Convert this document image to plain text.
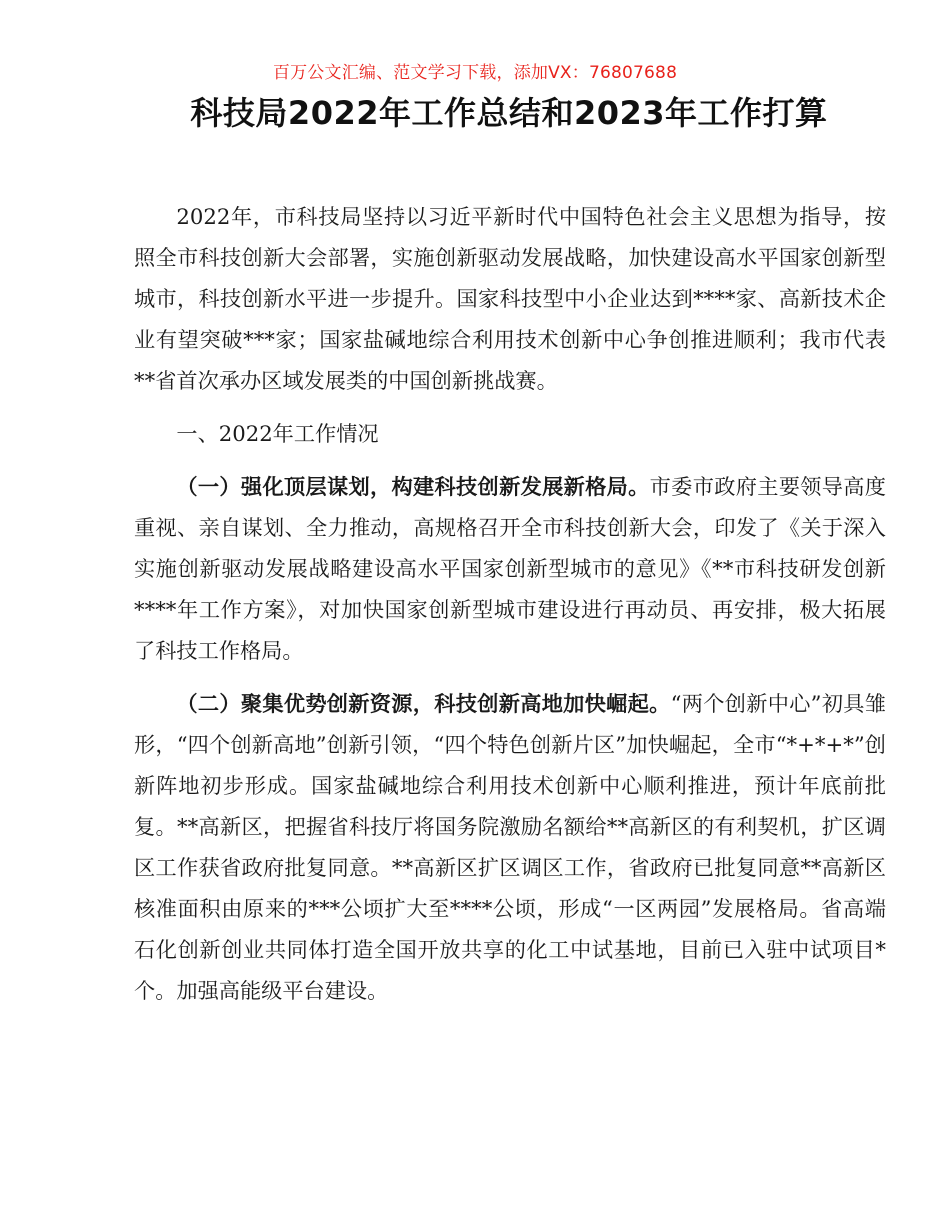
百万公文汇编、范文学习下载，添加VX：76807688
科技局2022年工作总结和2023年工作打算

2022年，市科技局坚持以习近平新时代中国特色社会主义思想为指导，按照全市科技创新大会部署，实施创新驱动发展战略，加快建设高水平国家创新型城市，科技创新水平进一步提升。国家科技型中小企业达到****家、高新技术企业有望突破***家；国家盐碱地综合利用技术创新中心争创推进顺利；我市代表**省首次承办区域发展类的中国创新挑战赛。

一、2022年工作情况

（一）强化顶层谋划，构建科技创新发展新格局。市委市政府主要领导高度重视、亲自谋划、全力推动，高规格召开全市科技创新大会，印发了《关于深入实施创新驱动发展战略建设高水平国家创新型城市的意见》《**市科技研发创新****年工作方案》，对加快国家创新型城市建设进行再动员、再安排，极大拓展了科技工作格局。

（二）聚集优势创新资源，科技创新高地加快崛起。“两个创新中心”初具雏形，“四个创新高地”创新引领，“四个特色创新片区”加快崛起，全市“*+*+*”创新阵地初步形成。国家盐碱地综合利用技术创新中心顺利推进，预计年底前批复。**高新区，把握省科技厅将国务院激励名额给**高新区的有利契机，扩区调区工作获省政府批复同意。**高新区扩区调区工作，省政府已批复同意**高新区核准面积由原来的***公顷扩大至****公顷，形成“一区两园”发展格局。省高端石化创新创业共同体打造全国开放共享的化工中试基地，目前已入驻中试项目*个。加强高能级平台建设。
